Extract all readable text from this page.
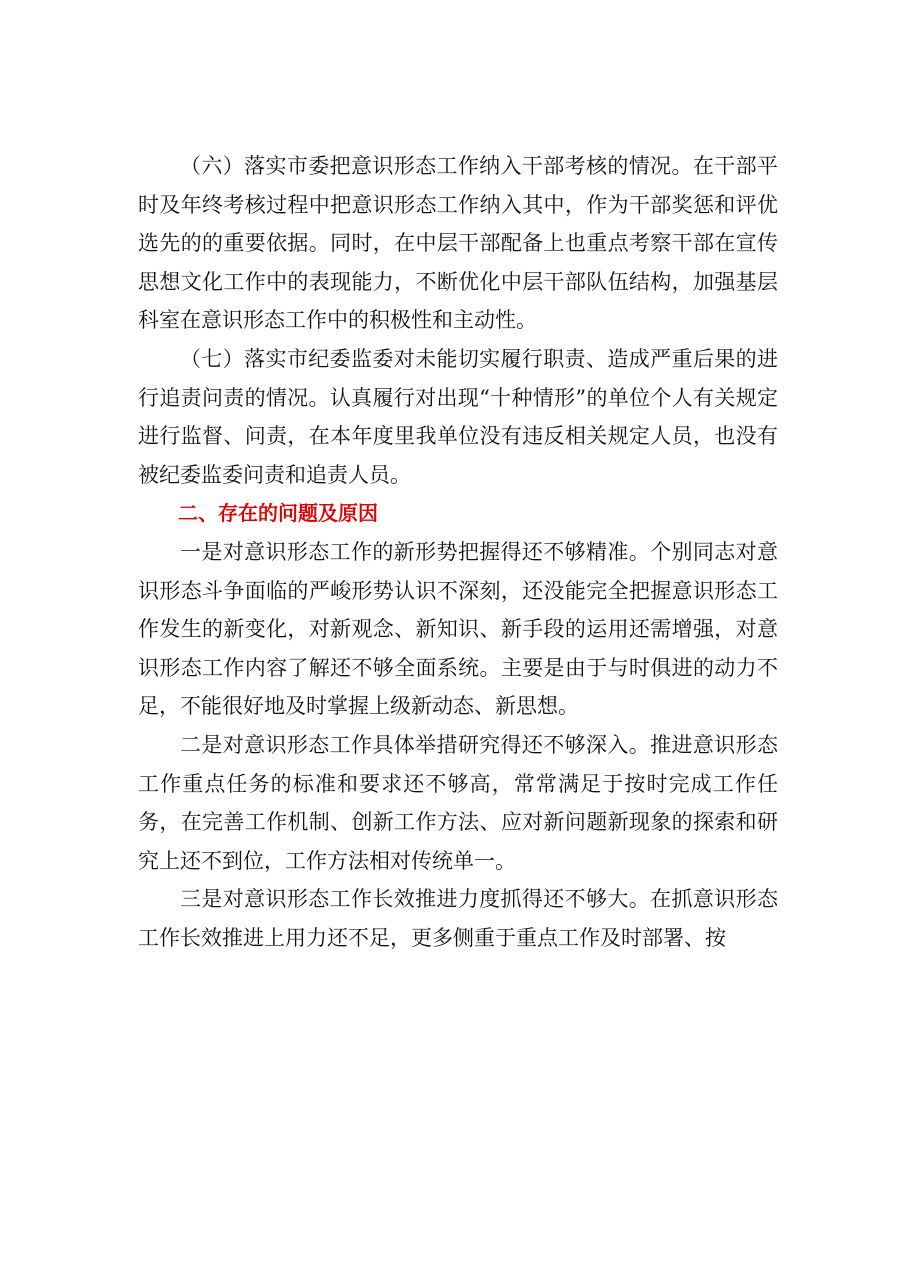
（六）落实市委把意识形态工作纳入干部考核的情况。在干部平时及年终考核过程中把意识形态工作纳入其中，作为干部奖惩和评优选先的的重要依据。同时，在中层干部配备上也重点考察干部在宣传思想文化工作中的表现能力，不断优化中层干部队伍结构，加强基层科室在意识形态工作中的积极性和主动性。

（七）落实市纪委监委对未能切实履行职责、造成严重后果的进行追责问责的情况。认真履行对出现“十种情形”的单位个人有关规定进行监督、问责，在本年度里我单位没有违反相关规定人员，也没有被纪委监委问责和追责人员。

二、存在的问题及原因

一是对意识形态工作的新形势把握得还不够精准。个别同志对意识形态斗争面临的严峻形势认识不深刻，还没能完全把握意识形态工作发生的新变化，对新观念、新知识、新手段的运用还需增强，对意识形态工作内容了解还不够全面系统。主要是由于与时俱进的动力不足，不能很好地及时掌握上级新动态、新思想。

二是对意识形态工作具体举措研究得还不够深入。推进意识形态工作重点任务的标准和要求还不够高，常常满足于按时完成工作任务，在完善工作机制、创新工作方法、应对新问题新现象的探索和研究上还不到位，工作方法相对传统单一。

三是对意识形态工作长效推进力度抓得还不够大。在抓意识形态工作长效推进上用力还不足，更多侧重于重点工作及时部署、按
